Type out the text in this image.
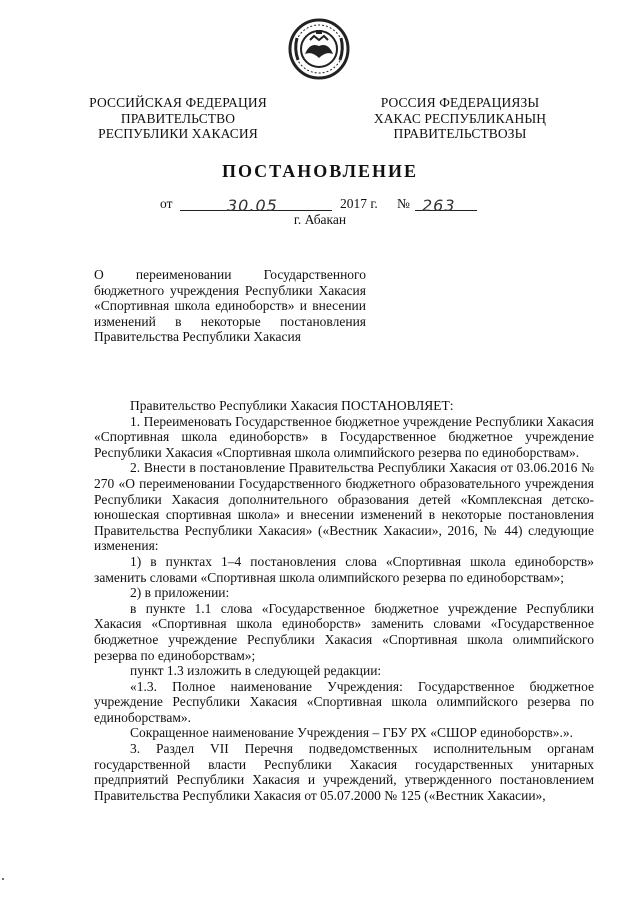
РОССИЙСКАЯ ФЕДЕРАЦИЯ
ПРАВИТЕЛЬСТВО
РЕСПУБЛИКИ ХАКАСИЯ
РОССИЯ ФЕДЕРАЦИЯЗЫ
ХАКАС РЕСПУБЛИКАНЫҢ
ПРАВИТЕЛЬСТВОЗЫ
ПОСТАНОВЛЕНИЕ
от	30.05	2017 г. № 263
г. Абакан
О переименовании Государственного бюджетного учреждения Республики Хакасия «Спортивная школа единоборств» и внесении изменений в некоторые постановления Правительства Республики Хакасия

Правительство Республики Хакасия ПОСТАНОВЛЯЕТ:

1. Переименовать Государственное бюджетное учреждение Республики Хакасия «Спортивная школа единоборств» в Государственное бюджетное учреждение Республики Хакасия «Спортивная школа олимпийского резерва по единоборствам».

2. Внести в постановление Правительства Республики Хакасия от 03.06.2016 № 270 «О переименовании Государственного бюджетного образовательного учреждения Республики Хакасия дополнительного образования детей «Комплексная детско-юношеская спортивная школа» и внесении изменений в некоторые постановления Правительства Республики Хакасия» («Вестник Хакасии», 2016, № 44) следующие изменения:

1) в пунктах 1–4 постановления слова «Спортивная школа единоборств» заменить словами «Спортивная школа олимпийского резерва по единоборствам»;

2) в приложении:

в пункте 1.1 слова «Государственное бюджетное учреждение Республики Хакасия «Спортивная школа единоборств» заменить словами «Государственное бюджетное учреждение Республики Хакасия «Спортивная школа олимпийского резерва по единоборствам»;

пункт 1.3 изложить в следующей редакции:

«1.3. Полное наименование Учреждения: Государственное бюджетное учреждение Республики Хакасия «Спортивная школа олимпийского резерва по единоборствам».

Сокращенное наименование Учреждения – ГБУ РХ «СШОР единоборств».».

3. Раздел VII Перечня подведомственных исполнительным органам государственной власти Республики Хакасия государственных унитарных предприятий Республики Хакасия и учреждений, утвержденного постановлением Правительства Республики Хакасия от 05.07.2000 № 125 («Вестник Хакасии»,
